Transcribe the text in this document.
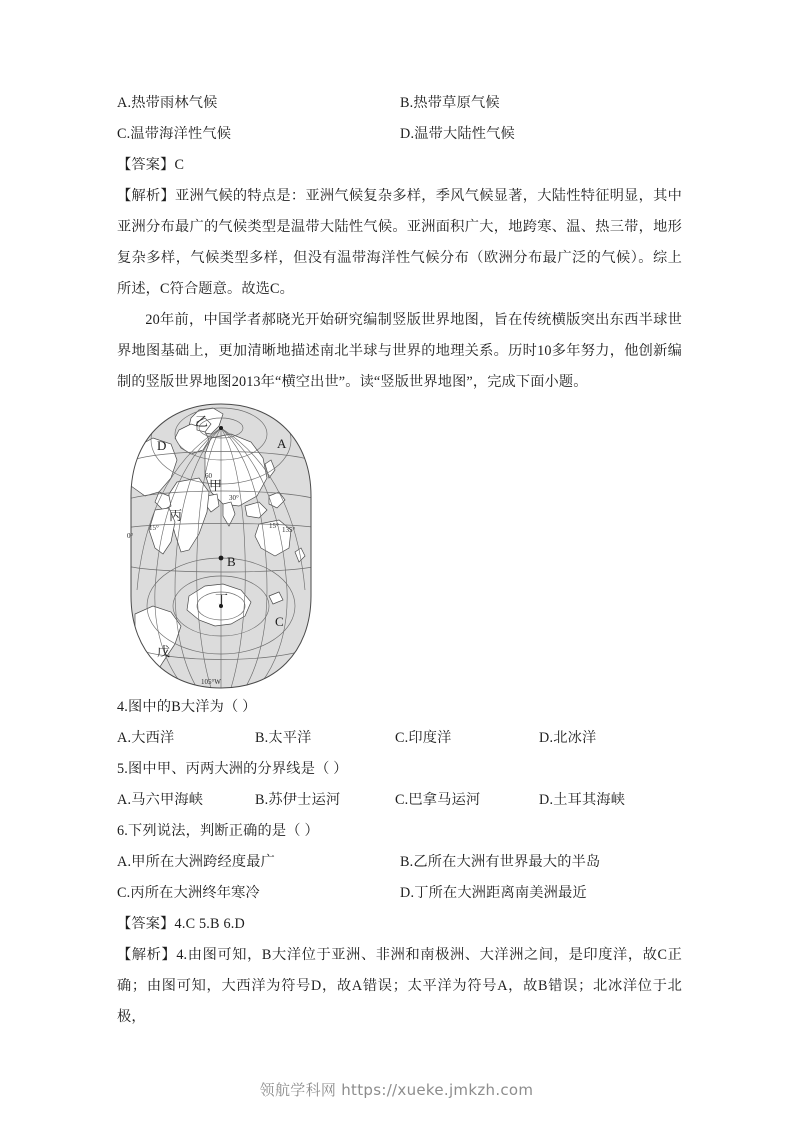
A.热带雨林气候	B.热带草原气候
C.温带海洋性气候	D.温带大陆性气候
【答案】C
【解析】亚洲气候的特点是：亚洲气候复杂多样，季风气候显著，大陆性特征明显，其中亚洲分布最广的气候类型是温带大陆性气候。亚洲面积广大，地跨寒、温、热三带，地形复杂多样，气候类型多样，但没有温带海洋性气候分布（欧洲分布最广泛的气候）。综上所述，C符合题意。故选C。
20年前，中国学者郝晓光开始研究编制竖版世界地图，旨在传统横版突出东西半球世界地图基础上，更加清晰地描述南北半球与世界的地理关系。历时10多年努力，他创新编制的竖版世界地图2013年“横空出世”。读“竖版世界地图”，完成下面小题。
乙
A
D
甲
丙
B
丁
C
戊
60
30°
15°	15° 135°
0°
105°W
4.图中的B大洋为（ ）
A.大西洋	B.太平洋	C.印度洋	D.北冰洋
5.图中甲、丙两大洲的分界线是（ ）
A.马六甲海峡	B.苏伊士运河	C.巴拿马运河	D.土耳其海峡
6.下列说法，判断正确的是（ ）
A.甲所在大洲跨经度最广	B.乙所在大洲有世界最大的半岛
C.丙所在大洲终年寒冷	D.丁所在大洲距离南美洲最近
【答案】4.C 5.B 6.D
【解析】4.由图可知，B大洋位于亚洲、非洲和南极洲、大洋洲之间，是印度洋，故C正确；由图可知，大西洋为符号D，故A错误；太平洋为符号A，故B错误；北冰洋位于北极，
领航学科网 https://xueke.jmkzh.com
